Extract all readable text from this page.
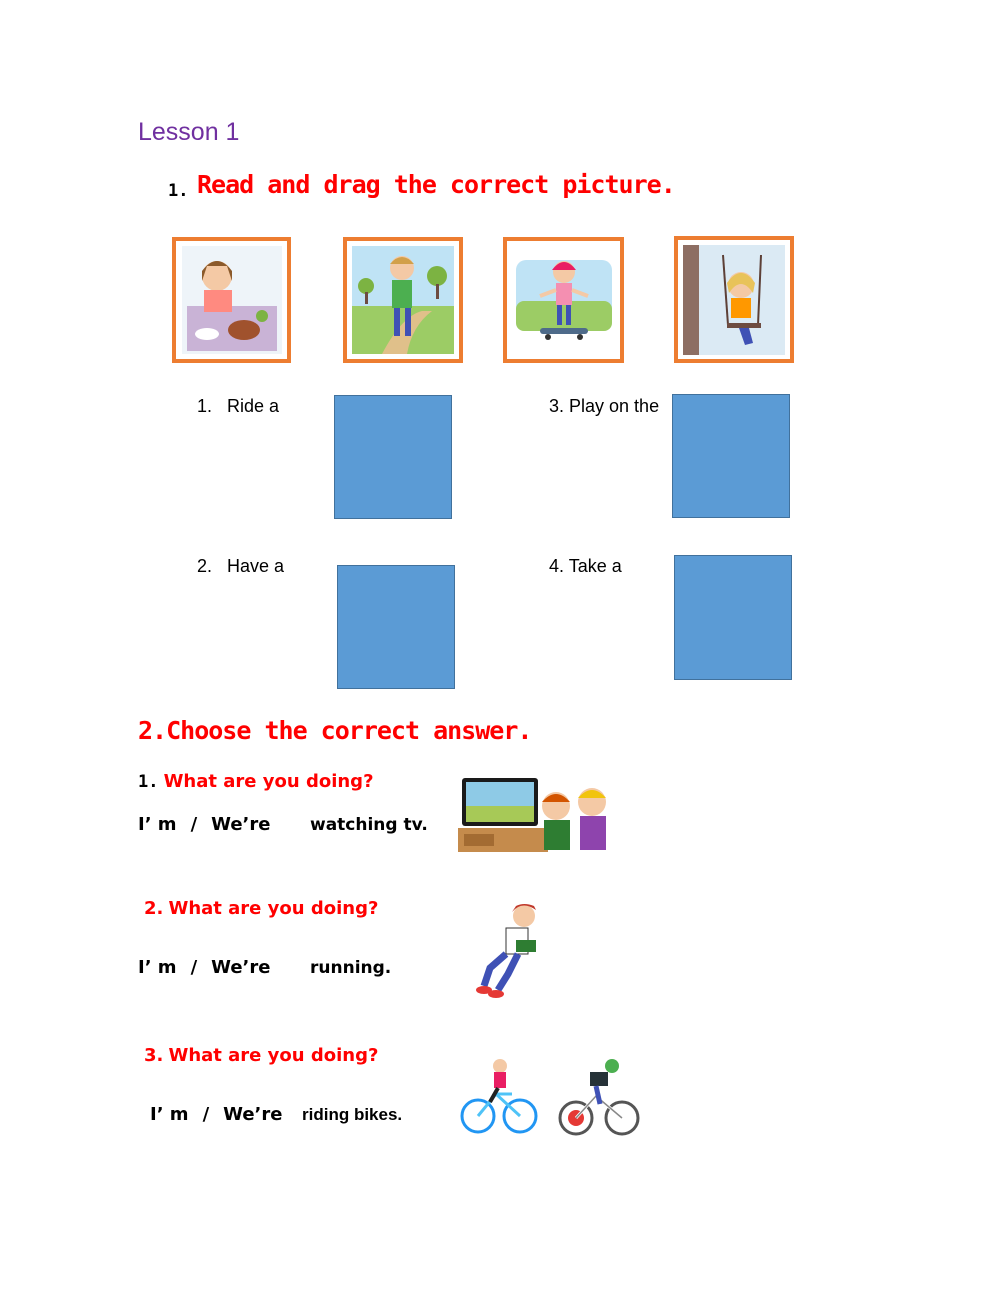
Lesson 1
1. Read and drag the correct picture.
1.   Ride a	3. Play on the
2.   Have a	4. Take a
2.Choose the correct answer.
1. What are you doing?
I’ m / We’re watching tv.
2. What are you doing?
I’ m / We’re running.
3. What are you doing?
I’ m / We’re riding bikes.
